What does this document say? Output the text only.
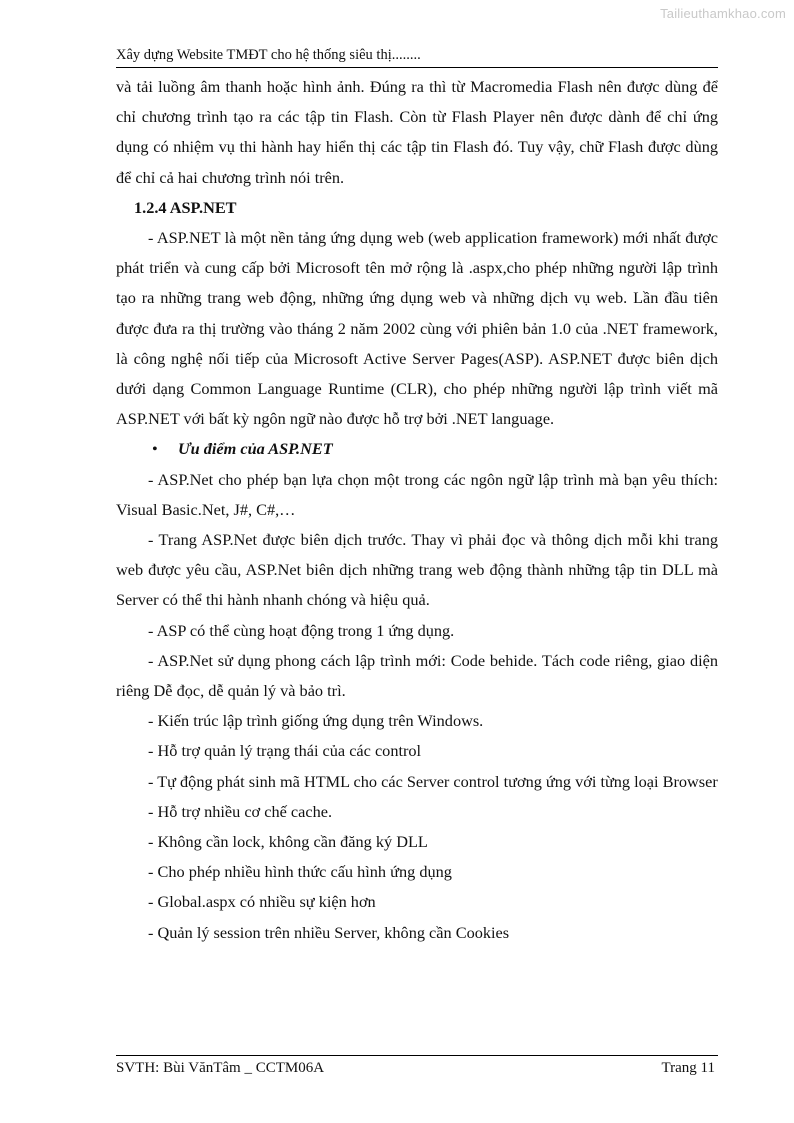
Tailieuthamkhao.com
Xây dựng Website TMĐT cho hệ thống siêu thị........

và tải luồng âm thanh hoặc hình ảnh. Đúng ra thì từ Macromedia Flash nên được dùng để chỉ chương trình tạo ra các tập tin Flash. Còn từ Flash Player nên được dành để chỉ ứng dụng có nhiệm vụ thi hành hay hiển thị các tập tin Flash đó. Tuy vậy, chữ Flash được dùng để chỉ cả hai chương trình nói trên.

1.2.4 ASP.NET

- ASP.NET là một nền tảng ứng dụng web (web application framework) mới nhất được phát triển và cung cấp bởi Microsoft tên mở rộng là .aspx,cho phép những người lập trình tạo ra những trang web động, những ứng dụng web và những dịch vụ web. Lần đầu tiên được đưa ra thị trường vào tháng 2 năm 2002 cùng với phiên bản 1.0 của .NET framework, là công nghệ nối tiếp của Microsoft Active Server Pages(ASP). ASP.NET được biên dịch dưới dạng Common Language Runtime (CLR), cho phép những người lập trình viết mã ASP.NET với bất kỳ ngôn ngữ nào được hỗ trợ bởi .NET language.

• Ưu điểm của ASP.NET

- ASP.Net cho phép bạn lựa chọn một trong các ngôn ngữ lập trình mà bạn yêu thích: Visual Basic.Net, J#, C#,…

- Trang ASP.Net được biên dịch trước. Thay vì phải đọc và thông dịch mỗi khi trang web được yêu cầu, ASP.Net biên dịch những trang web động thành những tập tin DLL mà Server có thể thi hành nhanh chóng và hiệu quả.

- ASP có thể cùng hoạt động trong 1 ứng dụng.

- ASP.Net sử dụng phong cách lập trình mới: Code behide. Tách code riêng, giao diện riêng Dễ đọc, dễ quản lý và bảo trì.

- Kiến trúc lập trình giống ứng dụng trên Windows.

- Hỗ trợ quản lý trạng thái của các control

- Tự động phát sinh mã HTML cho các Server control tương ứng với từng loại Browser

- Hỗ trợ nhiều cơ chế cache.

- Không cần lock, không cần đăng ký DLL

- Cho phép nhiều hình thức cấu hình ứng dụng

- Global.aspx có nhiều sự kiện hơn

- Quản lý session trên nhiều Server, không cần Cookies

SVTH: Bùi VănTâm _ CCTM06A	Trang 11
